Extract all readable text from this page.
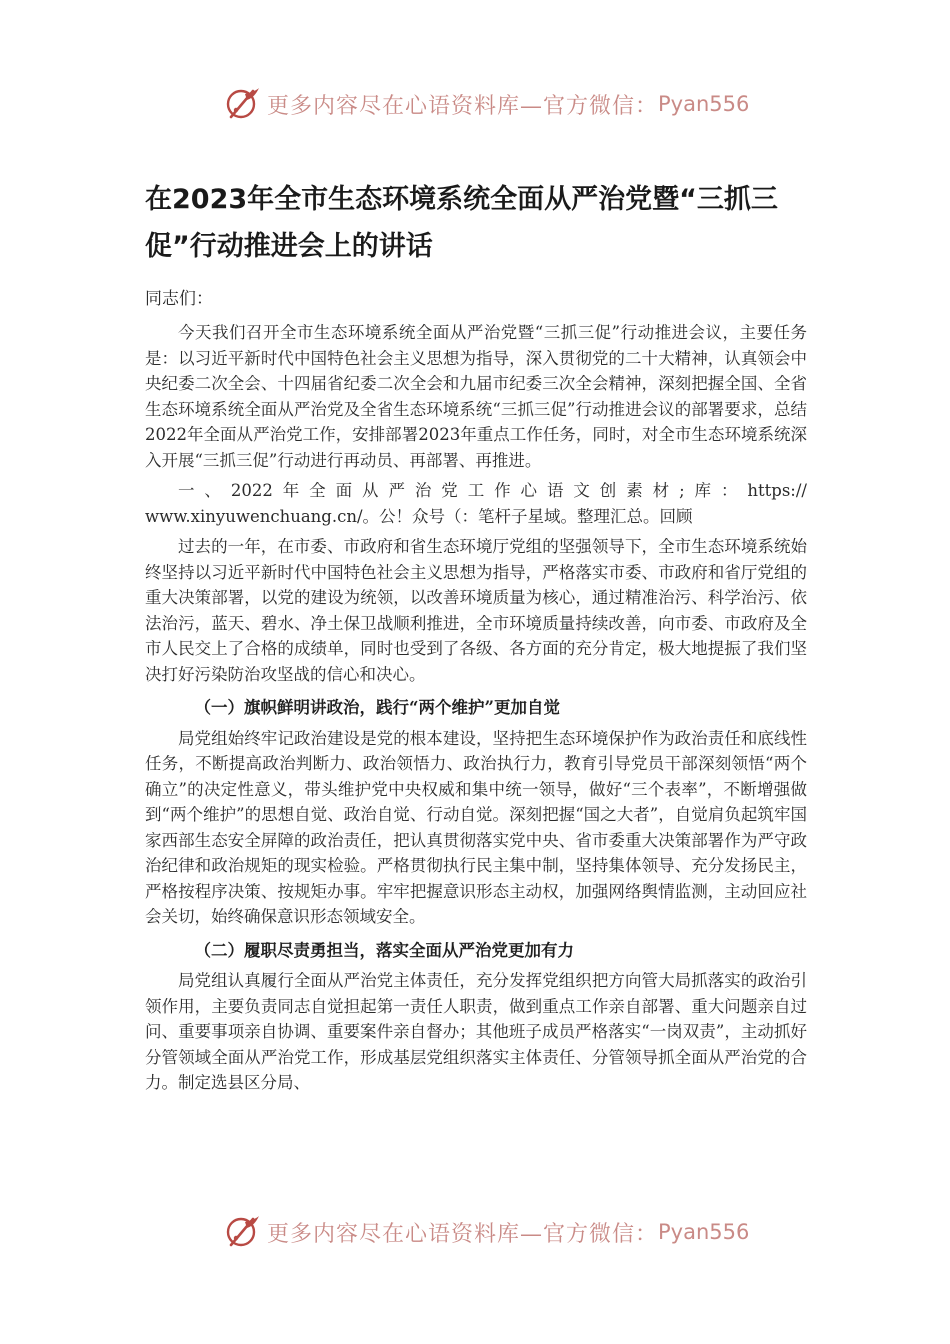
更多内容尽在心语资料库—官方微信： Pyan556
在2023年全市生态环境系统全面从严治党暨“三抓三促”行动推进会上的讲话

同志们：

今天我们召开全市生态环境系统全面从严治党暨“三抓三促”行动推进会议，主要任务是：以习近平新时代中国特色社会主义思想为指导，深入贯彻党的二十大精神，认真领会中央纪委二次全会、十四届省纪委二次全会和九届市纪委三次全会精神，深刻把握全国、全省生态环境系统全面从严治党及全省生态环境系统“三抓三促”行动推进会议的部署要求，总结2022年全面从严治党工作，安排部署2023年重点工作任务，同时，对全市生态环境系统深入开展“三抓三促”行动进行再动员、再部署、再推进。

一、2022年全面从严治党工作心语文创素材;库：https://

www.xinyuwenchuang.cn/。公！众号（：笔杆子星域。整理汇总。回顾

过去的一年，在市委、市政府和省生态环境厅党组的坚强领导下，全市生态环境系统始终坚持以习近平新时代中国特色社会主义思想为指导，严格落实市委、市政府和省厅党组的重大决策部署，以党的建设为统领，以改善环境质量为核心，通过精准治污、科学治污、依法治污，蓝天、碧水、净土保卫战顺利推进，全市环境质量持续改善，向市委、市政府及全市人民交上了合格的成绩单，同时也受到了各级、各方面的充分肯定，极大地提振了我们坚决打好污染防治攻坚战的信心和决心。

（一）旗帜鲜明讲政治，践行“两个维护”更加自觉

局党组始终牢记政治建设是党的根本建设，坚持把生态环境保护作为政治责任和底线性任务，不断提高政治判断力、政治领悟力、政治执行力，教育引导党员干部深刻领悟“两个确立”的决定性意义，带头维护党中央权威和集中统一领导，做好“三个表率”，不断增强做到“两个维护”的思想自觉、政治自觉、行动自觉。深刻把握“国之大者”，自觉肩负起筑牢国家西部生态安全屏障的政治责任，把认真贯彻落实党中央、省市委重大决策部署作为严守政治纪律和政治规矩的现实检验。严格贯彻执行民主集中制，坚持集体领导、充分发扬民主，严格按程序决策、按规矩办事。牢牢把握意识形态主动权，加强网络舆情监测，主动回应社会关切，始终确保意识形态领域安全。

（二）履职尽责勇担当，落实全面从严治党更加有力

局党组认真履行全面从严治党主体责任，充分发挥党组织把方向管大局抓落实的政治引领作用，主要负责同志自觉担起第一责任人职责，做到重点工作亲自部署、重大问题亲自过问、重要事项亲自协调、重要案件亲自督办；其他班子成员严格落实“一岗双责”，主动抓好分管领域全面从严治党工作，形成基层党组织落实主体责任、分管领导抓全面从严治党的合力。制定选县区分局、

更多内容尽在心语资料库—官方微信： Pyan556
